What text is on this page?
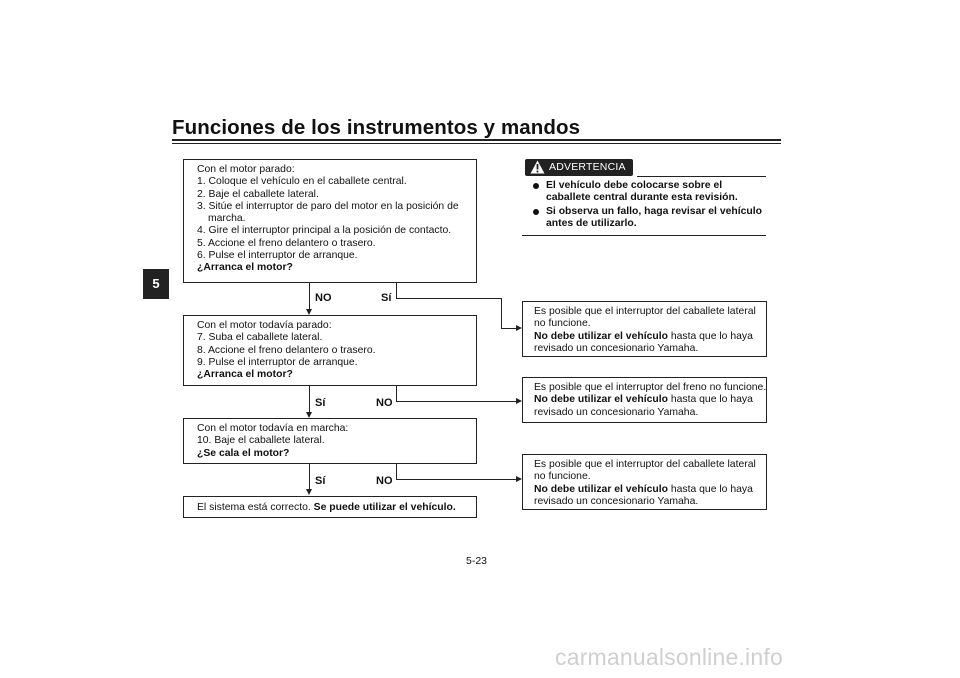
Funciones de los instrumentos y mandos
5
Con el motor parado:
1. Coloque el vehículo en el caballete central.
2. Baje el caballete lateral.
3. Sitúe el interruptor de paro del motor en la posición de
marcha.
4. Gire el interruptor principal a la posición de contacto.
5. Accione el freno delantero o trasero.
6. Pulse el interruptor de arranque.
¿Arranca el motor?
NO	Sí
Con el motor todavía parado:
7. Suba el caballete lateral.
8. Accione el freno delantero o trasero.
9. Pulse el interruptor de arranque.
¿Arranca el motor?
Sí	NO
Con el motor todavía en marcha:
10. Baje el caballete lateral.
¿Se cala el motor?
Sí	NO
El sistema está correcto. Se puede utilizar el vehículo.
ADVERTENCIA
El vehículo debe colocarse sobre el
caballete central durante esta revisión.
Si observa un fallo, haga revisar el vehículo
antes de utilizarlo.
Es posible que el interruptor del caballete lateral
no funcione.
No debe utilizar el vehículo hasta que lo haya
revisado un concesionario Yamaha.
Es posible que el interruptor del freno no funcione.
No debe utilizar el vehículo hasta que lo haya
revisado un concesionario Yamaha.
Es posible que el interruptor del caballete lateral
no funcione.
No debe utilizar el vehículo hasta que lo haya
revisado un concesionario Yamaha.
5-23
carmanualsonline.info
